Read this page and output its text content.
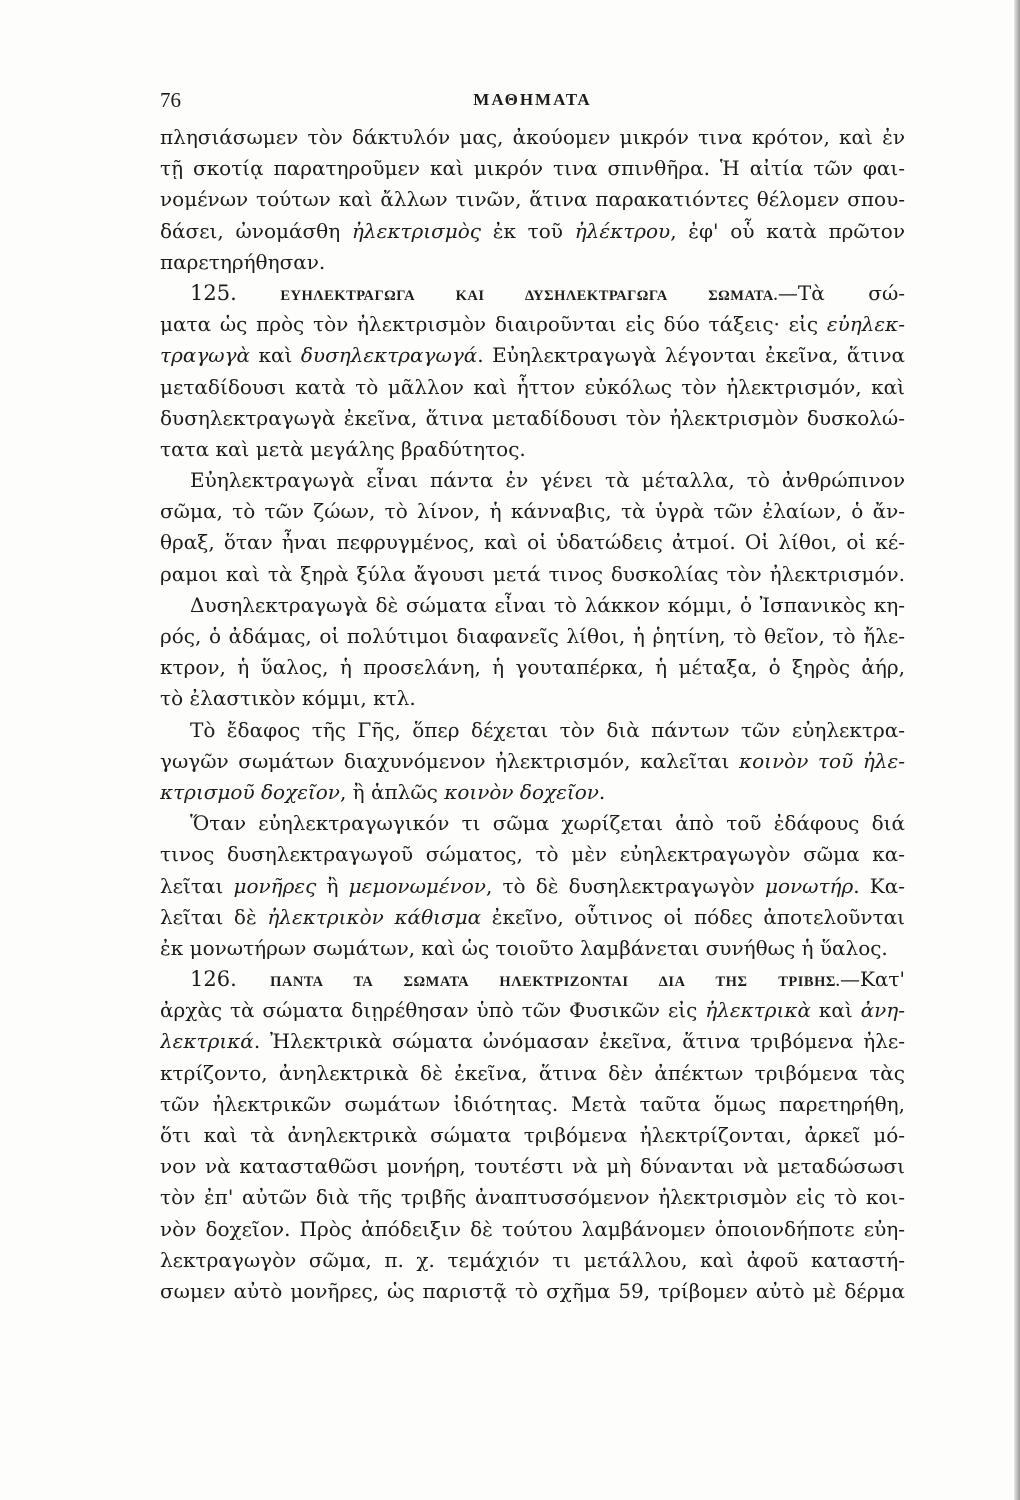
76	ΜΑΘΗΜΑΤΑ
πλησιάσωμεν τὸν δάκτυλόν μας, ἀκούομεν μικρόν τινα κρότον, καὶ ἐν
τῇ σκοτίᾳ παρατηροῦμεν καὶ μικρόν τινα σπινθῆρα. Ἡ αἰτία τῶν φαι-
νομένων τούτων καὶ ἄλλων τινῶν, ἅτινα παρακατιόντες θέλομεν σπου-
δάσει, ὠνομάσθη ἠλεκτρισμὸς ἐκ τοῦ ἠλέκτρου, ἐφ' οὗ κατὰ πρῶτον
παρετηρήθησαν.
125.	ΕΥΗΛΕΚΤΡΑΓΩΓΑ ΚΑΙ ΔΥΣΗΛΕΚΤΡΑΓΩΓΑ ΣΩΜΑΤΑ.—Τὰ σώ-
ματα ὡς πρὸς τὸν ἠλεκτρισμὸν διαιροῦνται εἰς δύο τάξεις· εἰς εὐηλεκ-
τραγωγὰ καὶ δυσηλεκτραγωγά. Εὐηλεκτραγωγὰ λέγονται ἐκεῖνα, ἅτινα
μεταδίδουσι κατὰ τὸ μᾶλλον καὶ ἧττον εὐκόλως τὸν ἠλεκτρισμόν, καὶ
δυσηλεκτραγωγὰ ἐκεῖνα, ἅτινα μεταδίδουσι τὸν ἠλεκτρισμὸν δυσκολώ-
τατα καὶ μετὰ μεγάλης βραδύτητος.
Εὐηλεκτραγωγὰ εἶναι πάντα ἐν γένει τὰ μέταλλα, τὸ ἀνθρώπινον
σῶμα, τὸ τῶν ζώων, τὸ λίνον, ἡ κάνναβις, τὰ ὑγρὰ τῶν ἐλαίων, ὁ ἄν-
θραξ, ὅταν ἦναι πεφρυγμένος, καὶ οἱ ὑδατώδεις ἀτμοί. Οἱ λίθοι, οἱ κέ-
ραμοι καὶ τὰ ξηρὰ ξύλα ἄγουσι μετά τινος δυσκολίας τὸν ἠλεκτρισμόν.
Δυσηλεκτραγωγὰ δὲ σώματα εἶναι τὸ λάκκον κόμμι, ὁ Ἰσπανικὸς κη-
ρός, ὁ ἀδάμας, οἱ πολύτιμοι διαφανεῖς λίθοι, ἡ ῥητίνη, τὸ θεῖον, τὸ ἤλε-
κτρον, ἡ ὕαλος, ἡ προσελάνη, ἡ γουταπέρκα, ἡ μέταξα, ὁ ξηρὸς ἀήρ,
τὸ ἐλαστικὸν κόμμι, κτλ.
Τὸ ἔδαφος τῆς Γῆς, ὅπερ δέχεται τὸν διὰ πάντων τῶν εὐηλεκτρα-
γωγῶν σωμάτων διαχυνόμενον ἠλεκτρισμόν, καλεῖται κοινὸν τοῦ ἠλε-
κτρισμοῦ δοχεῖον, ἢ ἁπλῶς κοινὸν δοχεῖον.
Ὅταν εὐηλεκτραγωγικόν τι σῶμα χωρίζεται ἀπὸ τοῦ ἐδάφους διά
τινος δυσηλεκτραγωγοῦ σώματος, τὸ μὲν εὐηλεκτραγωγὸν σῶμα κα-
λεῖται μονῆρες ἢ μεμονωμένον, τὸ δὲ δυσηλεκτραγωγὸν μονωτήρ. Κα-
λεῖται δὲ ἠλεκτρικὸν κάθισμα ἐκεῖνο, οὗτινος οἱ πόδες ἀποτελοῦνται
ἐκ μονωτήρων σωμάτων, καὶ ὡς τοιοῦτο λαμβάνεται συνήθως ἡ ὕαλος.
126. ΠΑΝΤΑ ΤΑ ΣΩΜΑΤΑ ΗΛΕΚΤΡΙΖΟΝΤΑΙ ΔΙΑ ΤΗΣ ΤΡΙΒΗΣ.—Κατ'
ἀρχὰς τὰ σώματα διῃρέθησαν ὑπὸ τῶν Φυσικῶν εἰς ἠλεκτρικὰ καὶ ἀνη-
λεκτρικά. Ἠλεκτρικὰ σώματα ὠνόμασαν ἐκεῖνα, ἅτινα τριβόμενα ἠλε-
κτρίζοντο, ἀνηλεκτρικὰ δὲ ἐκεῖνα, ἅτινα δὲν ἀπέκτων τριβόμενα τὰς
τῶν ἠλεκτρικῶν σωμάτων ἰδιότητας. Μετὰ ταῦτα ὅμως παρετηρήθη,
ὅτι καὶ τὰ ἀνηλεκτρικὰ σώματα τριβόμενα ἠλεκτρίζονται, ἀρκεῖ μό-
νον νὰ κατασταθῶσι μονήρη, τουτέστι νὰ μὴ δύνανται νὰ μεταδώσωσι
τὸν ἐπ' αὐτῶν διὰ τῆς τριβῆς ἀναπτυσσόμενον ἠλεκτρισμὸν εἰς τὸ κοι-
νὸν δοχεῖον. Πρὸς ἀπόδειξιν δὲ τούτου λαμβάνομεν ὁποιονδήποτε εὐη-
λεκτραγωγὸν σῶμα, π. χ. τεμάχιόν τι μετάλλου, καὶ ἀφοῦ καταστή-
σωμεν αὐτὸ μονῆρες, ὡς παριστᾷ τὸ σχῆμα 59, τρίβομεν αὐτὸ μὲ δέρμα
